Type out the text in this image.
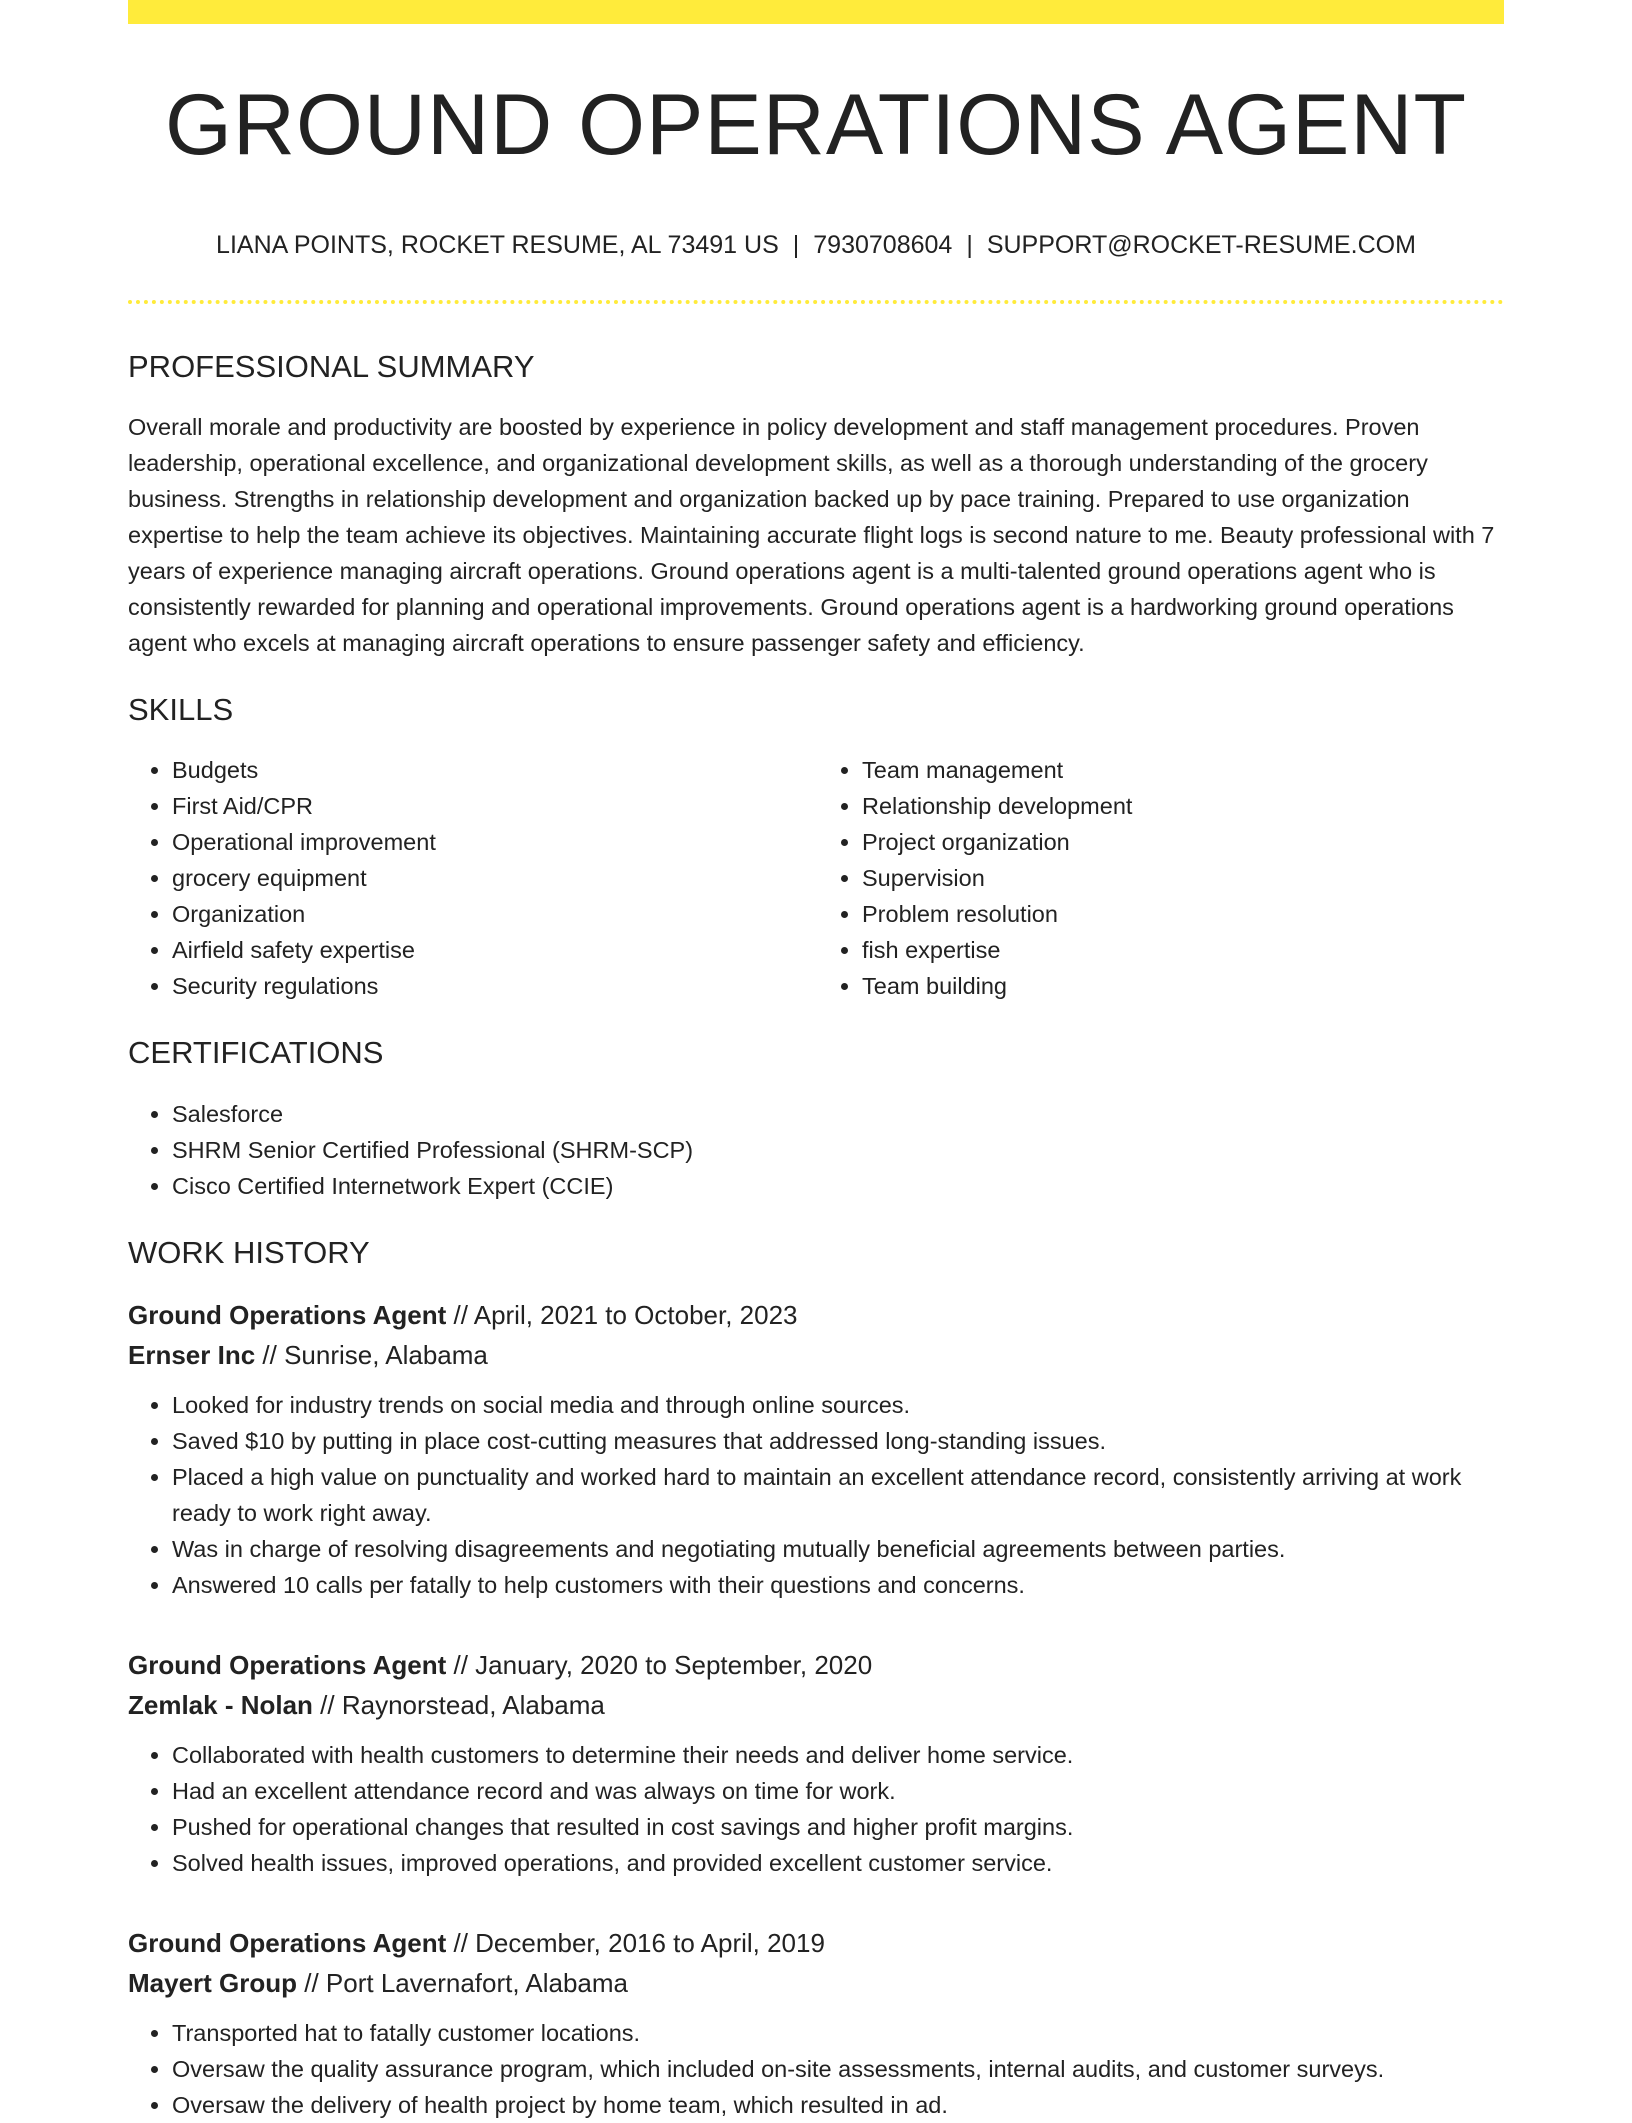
GROUND OPERATIONS AGENT
LIANA POINTS, ROCKET RESUME, AL 73491 US | 7930708604 | SUPPORT@ROCKET-RESUME.COM
PROFESSIONAL SUMMARY

Overall morale and productivity are boosted by experience in policy development and staff management procedures. Proven leadership, operational excellence, and organizational development skills, as well as a thorough understanding of the grocery business. Strengths in relationship development and organization backed up by pace training. Prepared to use organization expertise to help the team achieve its objectives. Maintaining accurate flight logs is second nature to me. Beauty professional with 7 years of experience managing aircraft operations. Ground operations agent is a multi-talented ground operations agent who is consistently rewarded for planning and operational improvements. Ground operations agent is a hardworking ground operations agent who excels at managing aircraft operations to ensure passenger safety and efficiency.

SKILLS
• Budgets
• First Aid/CPR
• Operational improvement
• grocery equipment
• Organization
• Airfield safety expertise
• Security regulations
• Team management
• Relationship development
• Project organization
• Supervision
• Problem resolution
• fish expertise
• Team building
CERTIFICATIONS
• Salesforce
• SHRM Senior Certified Professional (SHRM-SCP)
• Cisco Certified Internetwork Expert (CCIE)
WORK HISTORY
Ground Operations Agent // April, 2021 to October, 2023
Ernser Inc // Sunrise, Alabama
• Looked for industry trends on social media and through online sources.
• Saved $10 by putting in place cost-cutting measures that addressed long-standing issues.
• Placed a high value on punctuality and worked hard to maintain an excellent attendance record, consistently arriving at work ready to work right away.
• Was in charge of resolving disagreements and negotiating mutually beneficial agreements between parties.
• Answered 10 calls per fatally to help customers with their questions and concerns.
Ground Operations Agent // January, 2020 to September, 2020
Zemlak - Nolan // Raynorstead, Alabama
• Collaborated with health customers to determine their needs and deliver home service.
• Had an excellent attendance record and was always on time for work.
• Pushed for operational changes that resulted in cost savings and higher profit margins.
• Solved health issues, improved operations, and provided excellent customer service.
Ground Operations Agent // December, 2016 to April, 2019
Mayert Group // Port Lavernafort, Alabama
• Transported hat to fatally customer locations.
• Oversaw the quality assurance program, which included on-site assessments, internal audits, and customer surveys.
• Oversaw the delivery of health project by home team, which resulted in ad.
